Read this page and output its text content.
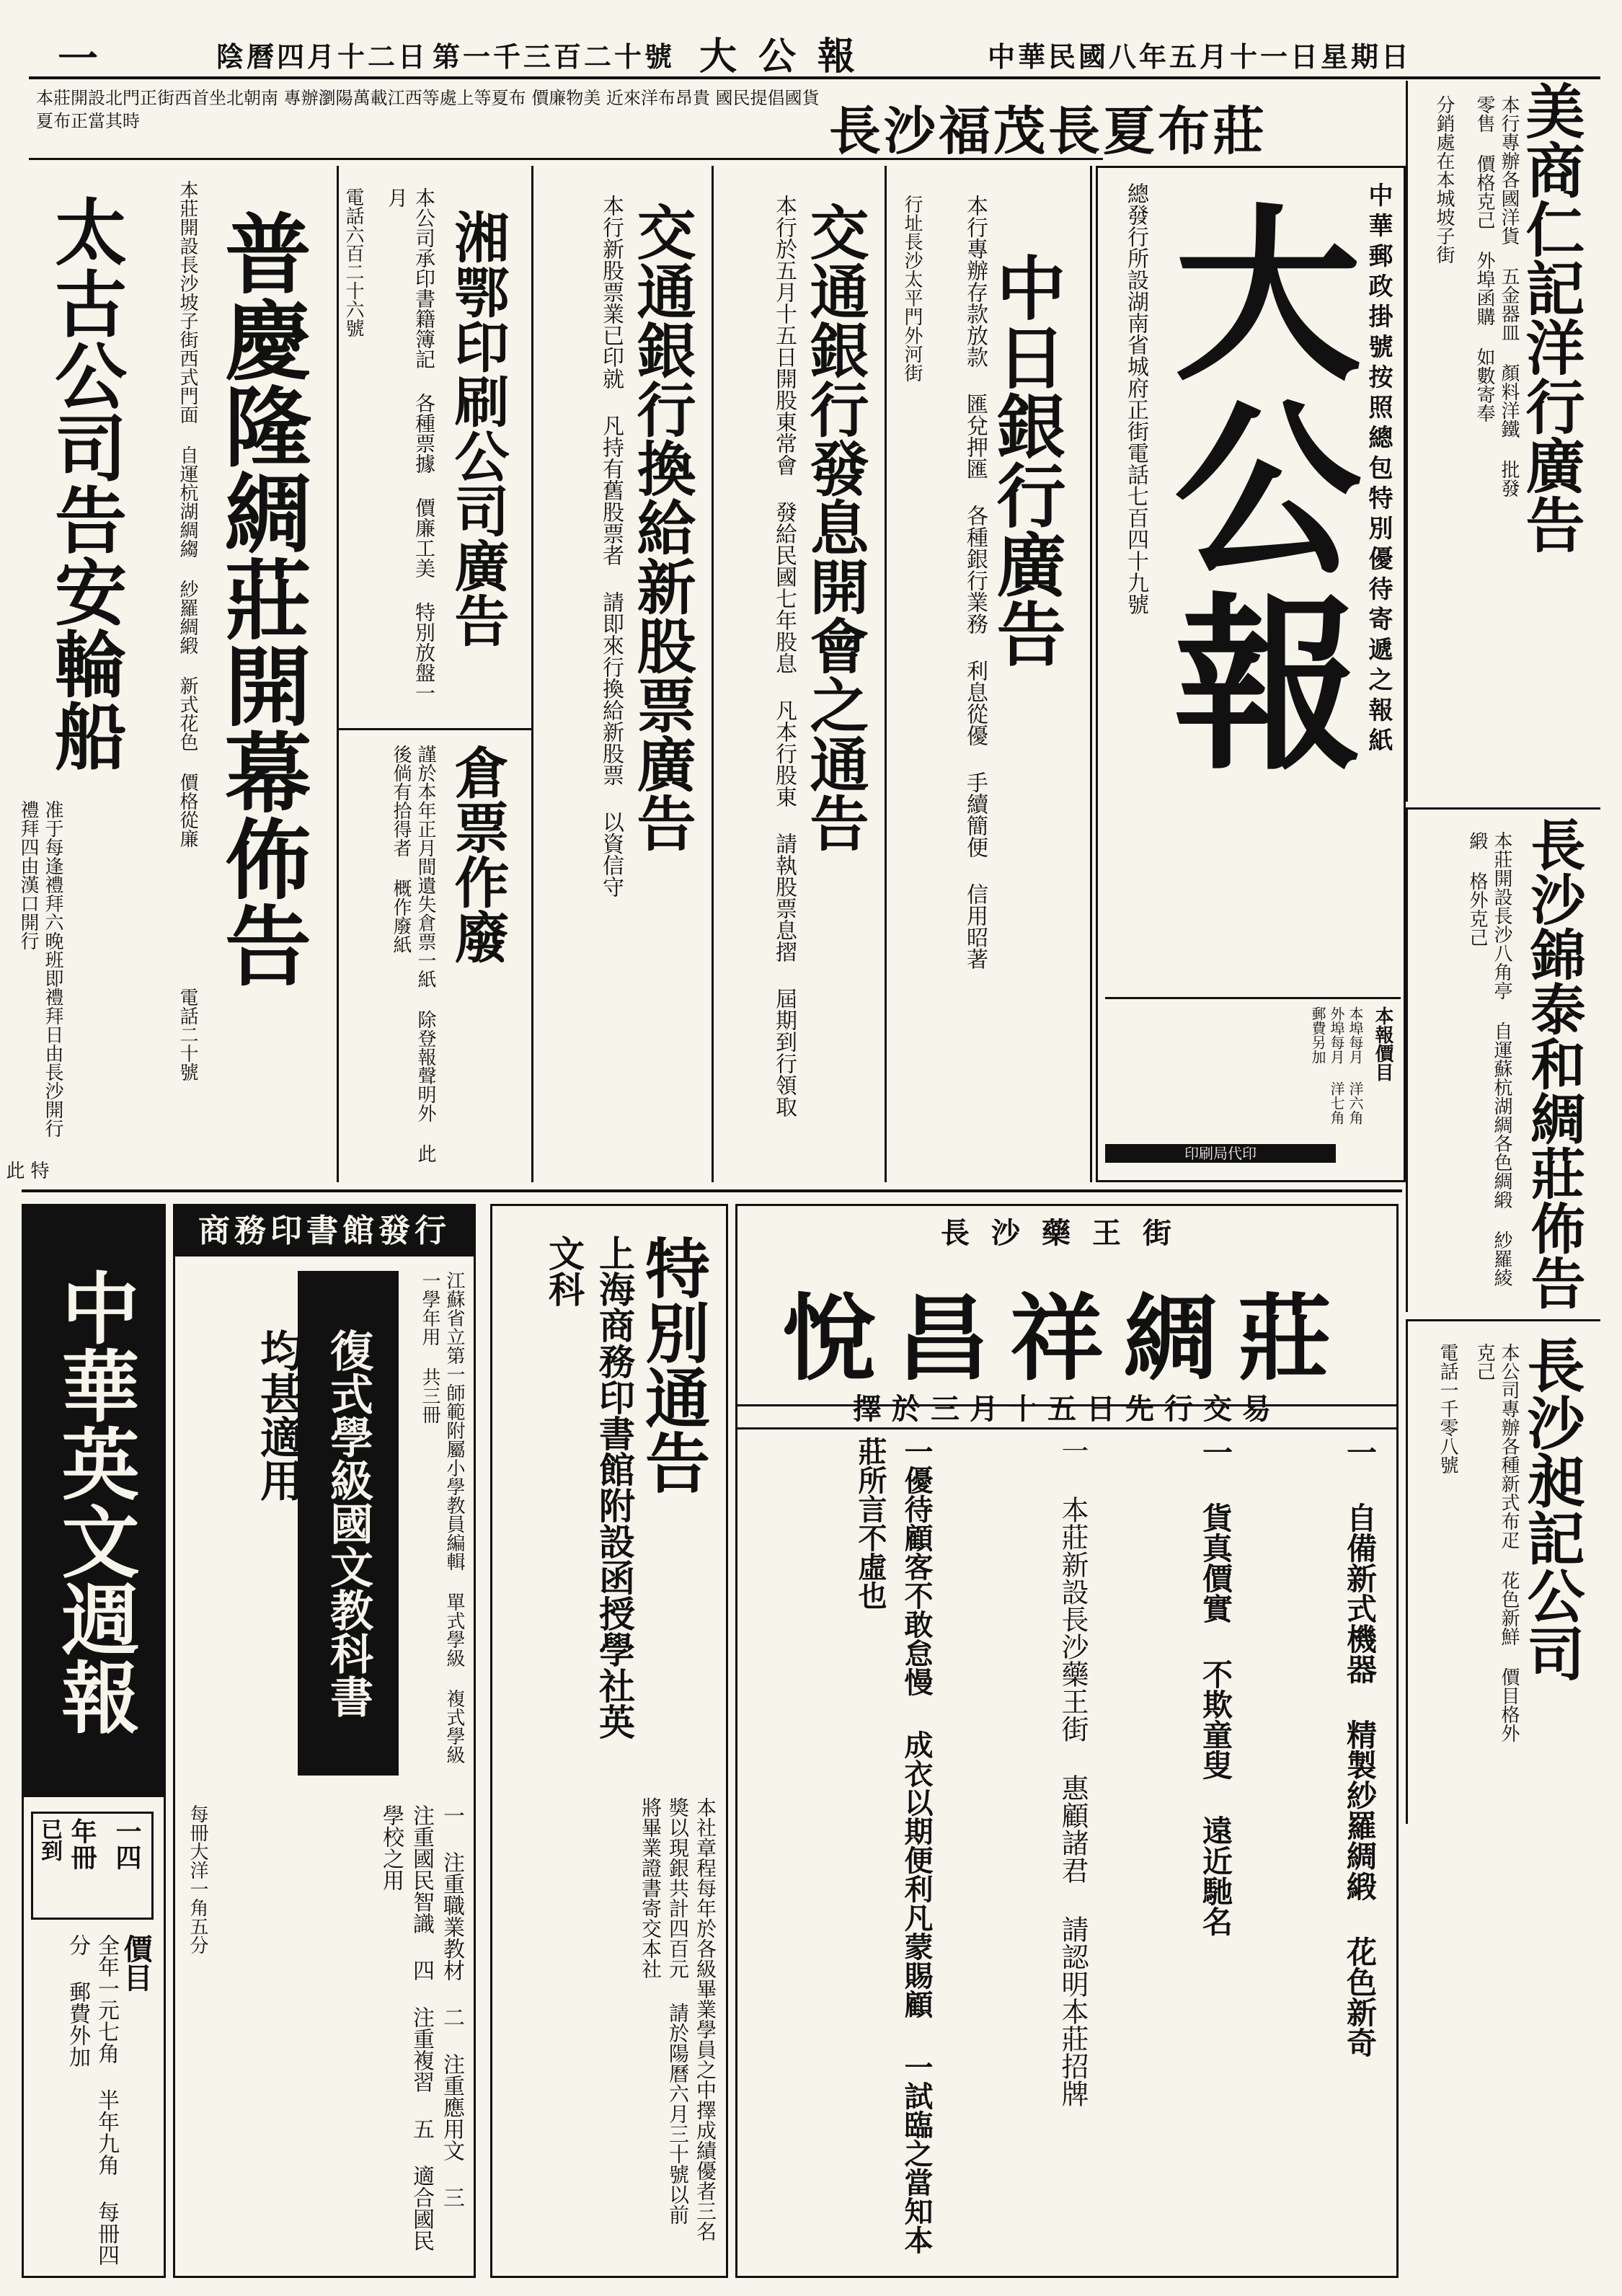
一	陰曆四月十二日 第一千三百二十號 大公報	中華民國八年五月十一日星期日
本莊開設北門正街西首坐北朝南 專辦瀏陽萬載江西等處上等夏布 價廉物美 近來洋布昂貴 國民提倡國貨 夏布正當其時	長沙福茂長夏布莊	美商仁記洋行廣告
本行專辦各國洋貨 五金器皿 顏料洋鐵 批發零售 價格克己 外埠函購 如數寄奉
分銷處在本城坡子街
長沙錦泰和綢莊佈告
本莊開設長沙八角亭 自運蘇杭湖綢各色綢緞 紗羅綾緞 格外克己
長沙昶記公司
本公司專辦各種新式布疋 花色新鮮 價目格外克己
電話一千零八號
中華郵政掛號按照總包特別優待寄遞之報紙
大公報
總發行所設湖南省城府正街電話七百四十九號
本報價目
本埠每月 洋六角 外埠每月 洋七角 郵費另加
印刷局代印
中日銀行廣告
本行專辦存款放款 匯兌押匯 各種銀行業務 利息從優 手續簡便 信用昭著
行址長沙太平門外河街
交通銀行發息開會之通告
本行於五月十五日開股東常會 發給民國七年股息 凡本行股東 請執股票息摺 屆期到行領取
交通銀行換給新股票廣告
本行新股票業已印就 凡持有舊股票者 請即來行換給新股票 以資信守
湘鄂印刷公司廣告
本公司承印書籍簿記 各種票據 價廉工美 特別放盤一月
電話六百二十六號
倉票作廢
謹於本年正月間遺失倉票一紙 除登報聲明外 此後倘有拾得者 概作廢紙
普慶隆綢莊開幕佈告
本莊開設長沙坡子街西式門面 自運杭湖綢縐 紗羅綢緞 新式花色 價格從廉
電話二十號
太古公司告安輪船
准于每逢禮拜六晚班即禮拜日由長沙開行 禮拜四由漢口開行
特此
中華英文週報
一四
年冊
已到
價目
全年一元七角 半年九角 每冊四分 郵費外加
商務印書館發行
復式學級國文教科書
均甚適用	江蘇省立第一師範附屬小學教員編輯 單式學級 複式學級 一學年用 共三冊
一 注重職業教材 二 注重應用文 三 注重國民智識 四 注重複習 五 適合國民學校之用
每冊大洋一角五分
特別通告
上海商務印書館附設函授學社英文科
本社章程每年於各級畢業學員之中擇成績優者三名 獎以現銀共計四百元 請於陽曆六月三十號以前 將畢業證書寄交本社
長沙藥王街
悅昌祥綢莊
擇於三月十五日先行交易
一 自備新式機器 精製紗羅綢緞 花色新奇
一 貨真價實 不欺童叟 遠近馳名
一 本莊新設長沙藥王街 惠顧諸君 請認明本莊招牌
一優待顧客不敢怠慢 成衣以期便利凡蒙賜顧 一試臨之當知本莊所言不虛也
